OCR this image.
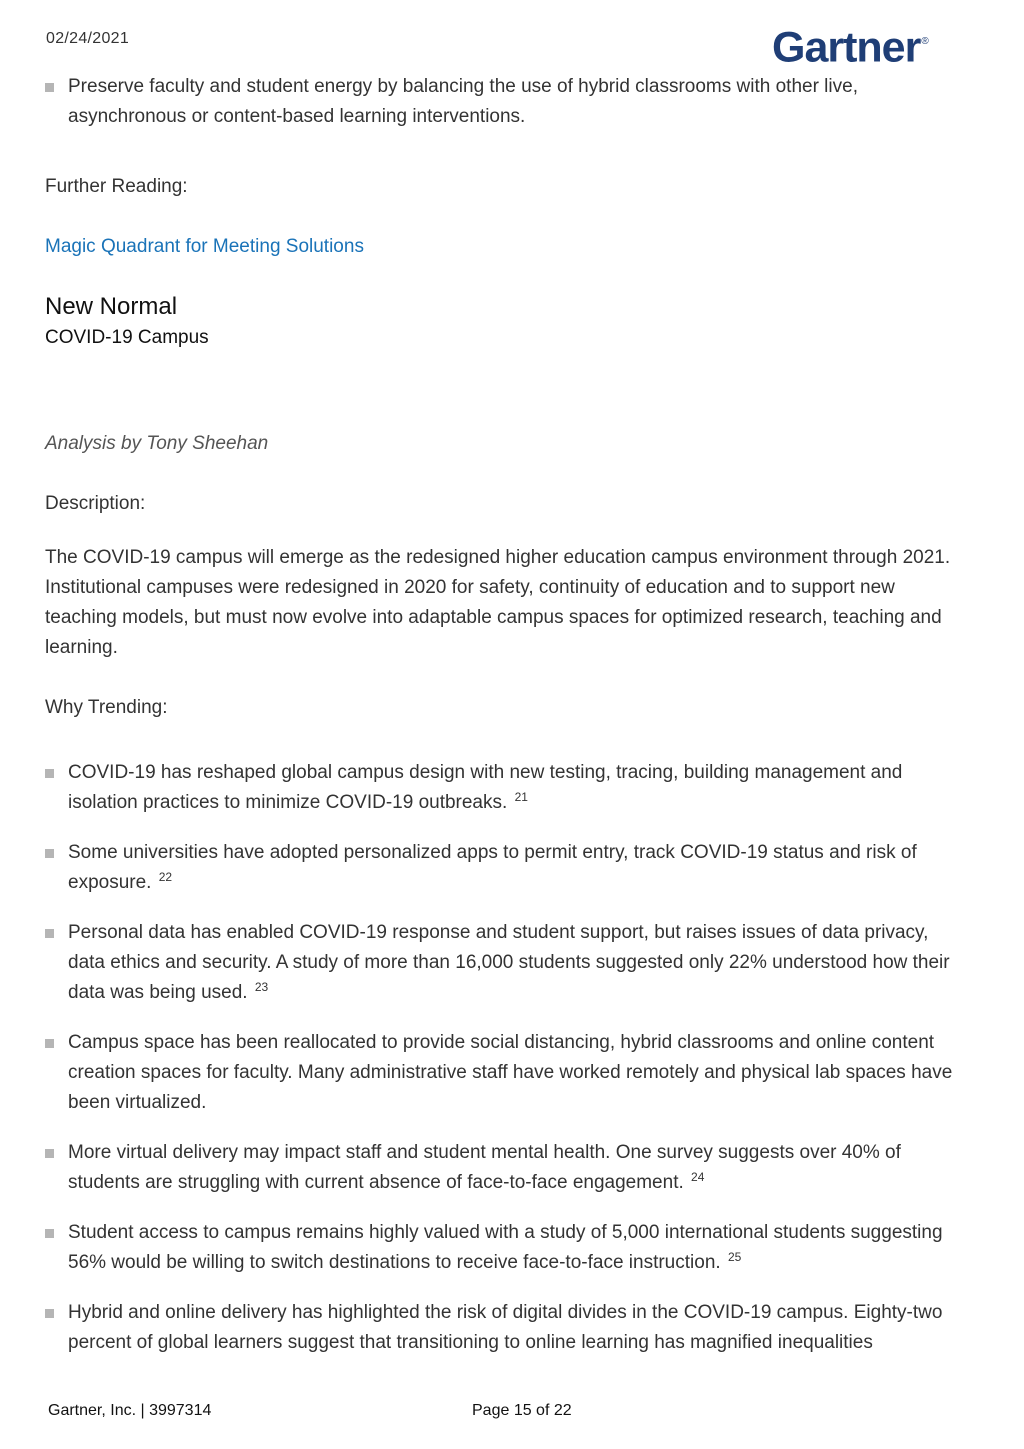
02/24/2021	Gartner®
Preserve faculty and student energy by balancing the use of hybrid classrooms with other live, asynchronous or content-based learning interventions.
Further Reading:
Magic Quadrant for Meeting Solutions
New Normal
COVID-19 Campus
Analysis by Tony Sheehan
Description:
The COVID-19 campus will emerge as the redesigned higher education campus environment through 2021. Institutional campuses were redesigned in 2020 for safety, continuity of education and to support new teaching models, but must now evolve into adaptable campus spaces for optimized research, teaching and learning.
Why Trending:
COVID-19 has reshaped global campus design with new testing, tracing, building management and isolation practices to minimize COVID-19 outbreaks. $^{21}$
Some universities have adopted personalized apps to permit entry, track COVID-19 status and risk of exposure. $^{22}$
Personal data has enabled COVID-19 response and student support, but raises issues of data privacy, data ethics and security. A study of more than 16,000 students suggested only 22% understood how their data was being used. $^{23}$
Campus space has been reallocated to provide social distancing, hybrid classrooms and online content creation spaces for faculty. Many administrative staff have worked remotely and physical lab spaces have been virtualized.
More virtual delivery may impact staff and student mental health. One survey suggests over 40% of students are struggling with current absence of face-to-face engagement. $^{24}$
Student access to campus remains highly valued with a study of 5,000 international students suggesting 56% would be willing to switch destinations to receive face-to-face instruction. $^{25}$
Hybrid and online delivery has highlighted the risk of digital divides in the COVID-19 campus. Eighty-two percent of global learners suggest that transitioning to online learning has magnified inequalities
Gartner, Inc. | 3997314	Page 15 of 22
